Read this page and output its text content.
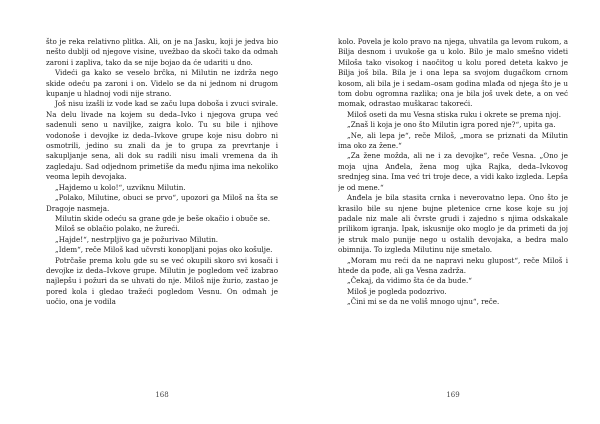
što je reka relativno plitka. Ali, on je na Jasku, koji je jedva bio nešto dublji od njegove visine, uvežbao da skoči tako da odmah zaroni i zapliva, tako da se nije bojao da će udariti u dno.

Videći ga kako se veselo brčka, ni Milutin ne izdrža nego skide odeću pa zaroni i on. Videlo se da ni jednom ni drugom kupanje u hladnoj vodi nije strano.

Još nisu izašli iz vode kad se začu lupa doboša i zvuci svirale. Na delu livade na kojem su deda–Ivko i njegova grupa već sadenuli seno u naviljke, zaigra kolo. Tu su bile i njihove vodonoše i devojke iz deda–Ivkove grupe koje nisu dobro ni osmotrili, jedino su znali da je to grupa za prevrtanje i sakupljanje sena, ali dok su radili nisu imali vremena da ih zagledaju. Sad odjednom primetiše da među njima ima nekoliko veoma lepih devojaka.

„Hajdemo u kolo!“, uzviknu Milutin.

„Polako, Milutine, obuci se prvo“, upozori ga Miloš na šta se Dragoje nasmeja.

Milutin skide odeću sa grane gde je beše okačio i obuče se.

Miloš se oblačio polako, ne žureći.

„Hajde!“, nestrpljivo ga je požurivao Milutin.

„Idem“, reče Miloš kad učvrsti konopljani pojas oko košulje.

Potrčaše prema kolu gde su se već okupili skoro svi kosači i devojke iz deda–Ivkove grupe. Milutin je pogledom več izabrao najlepšu i požuri da se uhvati do nje. Miloš nije žurio, zastao je pored kola i gledao tražeći pogledom Vesnu. On odmah je uočio, ona je vodila

168

kolo. Povela je kolo pravo na njega, uhvatila ga levom rukom, a Bilja desnom i uvukoše ga u kolo. Bilo je malo smešno videti Miloša tako visokog i naočitog u kolu pored deteta kakvo je Bilja još bila. Bila je i ona lepa sa svojom dugačkom crnom kosom, ali bila je i sedam–osam godina mlađa od njega što je u tom dobu ogromna razlika; ona je bila još uvek dete, a on već momak, odrastao muškarac takoreći.

Miloš oseti da mu Vesna stiska ruku i okrete se prema njoj.

„Znaš li koja je ono što Milutin igra pored nje?“, upita ga.

„Ne, ali lepa je“, reče Miloš, „mora se priznati da Milutin ima oko za žene.“

„Za žene možda, ali ne i za devojke“, reče Vesna. „Ono je moja ujna Anđela, žena mog ujka Rajka, deda–Ivkovog srednjeg sina. Ima već tri troje dece, a vidi kako izgleda. Lepša je od mene.“

Anđela je bila stasita crnka i neverovatno lepa. Ono što je krasilo bile su njene bujne pletenice crne kose koje su joj padale niz male ali čvrste grudi i zajedno s njima odskakale prilikom igranja. Ipak, iskusnije oko moglo je da primeti da joj je struk malo punije nego u ostalih devojaka, a bedra malo obimnija. To izgleda Milutinu nije smetalo.

„Moram mu reći da ne napravi neku glupost“, reče Miloš i htede da pođe, ali ga Vesna zadrža.

„Čekaj, da vidimo šta će da bude.“

Miloš je pogleda podozrivo.

„Čini mi se da ne voliš mnogo ujnu“, reče.

169
